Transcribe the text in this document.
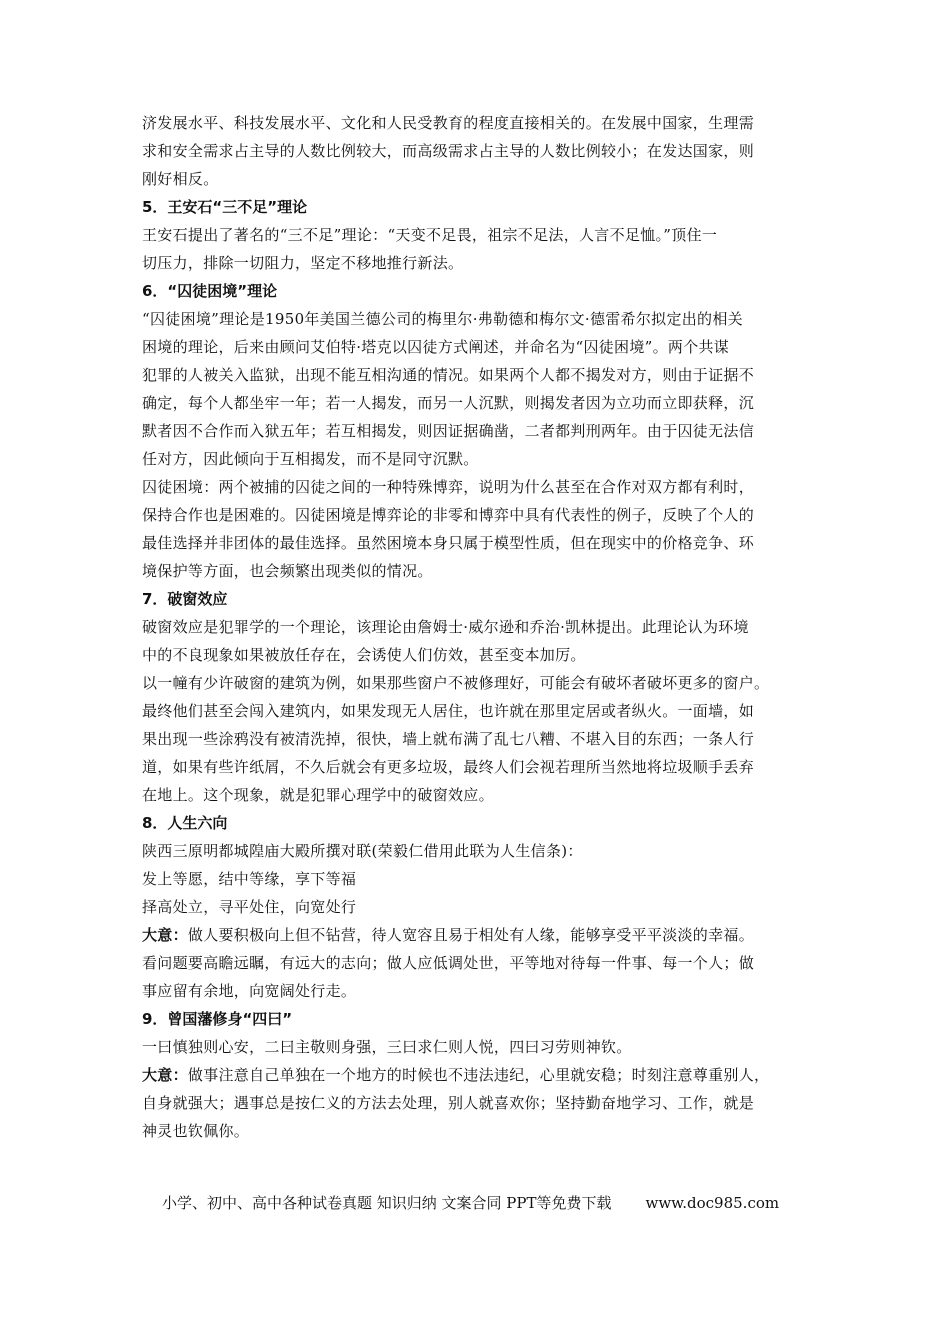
济发展水平、科技发展水平、文化和人民受教育的程度直接相关的。在发展中国家，生理需
求和安全需求占主导的人数比例较大，而高级需求占主导的人数比例较小；在发达国家，则
刚好相反。
5．王安石“三不足”理论
王安石提出了著名的“三不足”理论：“天变不足畏，祖宗不足法，人言不足恤。”顶住一
切压力，排除一切阻力，坚定不移地推行新法。
6．“囚徒困境”理论
“囚徒困境”理论是1950年美国兰德公司的梅里尔·弗勒德和梅尔文·德雷希尔拟定出的相关
困境的理论，后来由顾问艾伯特·塔克以囚徒方式阐述，并命名为“囚徒困境”。两个共谋
犯罪的人被关入监狱，出现不能互相沟通的情况。如果两个人都不揭发对方，则由于证据不
确定，每个人都坐牢一年；若一人揭发，而另一人沉默，则揭发者因为立功而立即获释，沉
默者因不合作而入狱五年；若互相揭发，则因证据确凿，二者都判刑两年。由于囚徒无法信
任对方，因此倾向于互相揭发，而不是同守沉默。
囚徒困境：两个被捕的囚徒之间的一种特殊博弈，说明为什么甚至在合作对双方都有利时，
保持合作也是困难的。囚徒困境是博弈论的非零和博弈中具有代表性的例子，反映了个人的
最佳选择并非团体的最佳选择。虽然困境本身只属于模型性质，但在现实中的价格竞争、环
境保护等方面，也会频繁出现类似的情况。
7．破窗效应
破窗效应是犯罪学的一个理论，该理论由詹姆士·威尔逊和乔治·凯林提出。此理论认为环境
中的不良现象如果被放任存在，会诱使人们仿效，甚至变本加厉。
以一幢有少许破窗的建筑为例，如果那些窗户不被修理好，可能会有破坏者破坏更多的窗户。
最终他们甚至会闯入建筑内，如果发现无人居住，也许就在那里定居或者纵火。一面墙，如
果出现一些涂鸦没有被清洗掉，很快，墙上就布满了乱七八糟、不堪入目的东西；一条人行
道，如果有些许纸屑，不久后就会有更多垃圾，最终人们会视若理所当然地将垃圾顺手丢弃
在地上。这个现象，就是犯罪心理学中的破窗效应。
8．人生六向
陕西三原明都城隍庙大殿所撰对联(荣毅仁借用此联为人生信条)：
发上等愿，结中等缘，享下等福
择高处立，寻平处住，向宽处行
大意：做人要积极向上但不钻营，待人宽容且易于相处有人缘，能够享受平平淡淡的幸福。
看问题要高瞻远瞩，有远大的志向；做人应低调处世，平等地对待每一件事、每一个人；做
事应留有余地，向宽阔处行走。
9．曾国藩修身“四曰”
一曰慎独则心安，二曰主敬则身强，三曰求仁则人悦，四曰习劳则神钦。
大意：做事注意自己单独在一个地方的时候也不违法违纪，心里就安稳；时刻注意尊重别人，
自身就强大；遇事总是按仁义的方法去处理，别人就喜欢你；坚持勤奋地学习、工作，就是
神灵也钦佩你。
小学、初中、高中各种试卷真题 知识归纳 文案合同 PPT等免费下载 www.doc985.com
